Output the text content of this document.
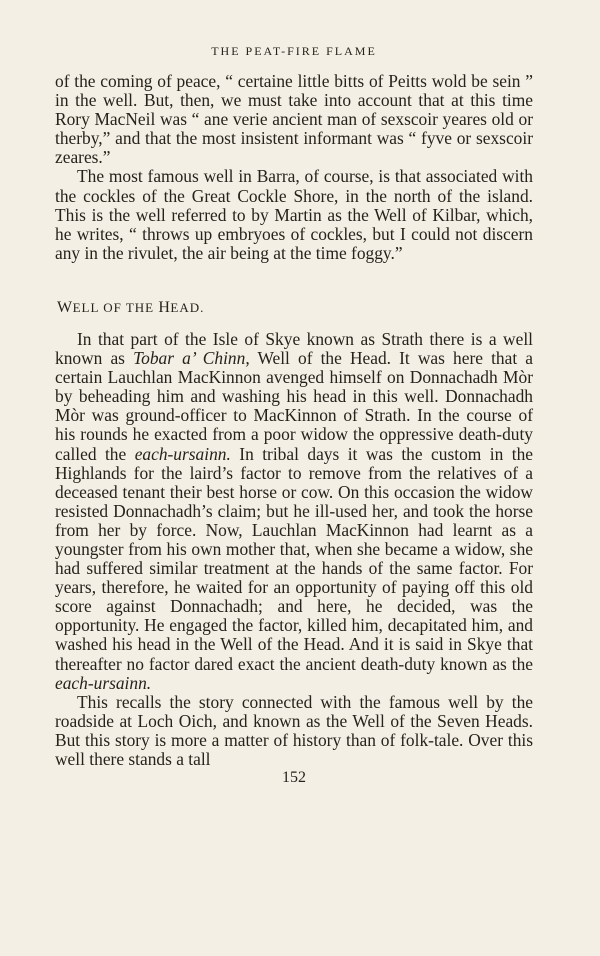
THE PEAT-FIRE FLAME

of the coming of peace, “ certaine little bitts of Peitts wold be sein ” in the well. But, then, we must take into account that at this time Rory MacNeil was “ ane verie ancient man of sexscoir yeares old or therby,” and that the most insistent informant was “ fyve or sexscoir zeares.”

The most famous well in Barra, of course, is that associated with the cockles of the Great Cockle Shore, in the north of the island. This is the well referred to by Martin as the Well of Kilbar, which, he writes, “ throws up embryoes of cockles, but I could not discern any in the rivulet, the air being at the time foggy.”

WELL OF THE HEAD.

In that part of the Isle of Skye known as Strath there is a well known as Tobar a’ Chinn, Well of the Head. It was here that a certain Lauchlan MacKinnon avenged himself on Donnachadh Mòr by beheading him and washing his head in this well. Donnachadh Mòr was ground-officer to MacKinnon of Strath. In the course of his rounds he exacted from a poor widow the oppressive death-duty called the each-ursainn. In tribal days it was the custom in the Highlands for the laird’s factor to remove from the relatives of a deceased tenant their best horse or cow. On this occasion the widow resisted Donnachadh’s claim; but he ill-used her, and took the horse from her by force. Now, Lauchlan MacKinnon had learnt as a youngster from his own mother that, when she became a widow, she had suffered similar treatment at the hands of the same factor. For years, therefore, he waited for an opportunity of paying off this old score against Donnachadh; and here, he decided, was the opportunity. He engaged the factor, killed him, decapitated him, and washed his head in the Well of the Head. And it is said in Skye that thereafter no factor dared exact the ancient death-duty known as the each-ursainn.

This recalls the story connected with the famous well by the roadside at Loch Oich, and known as the Well of the Seven Heads. But this story is more a matter of history than of folk-tale. Over this well there stands a tall

152
